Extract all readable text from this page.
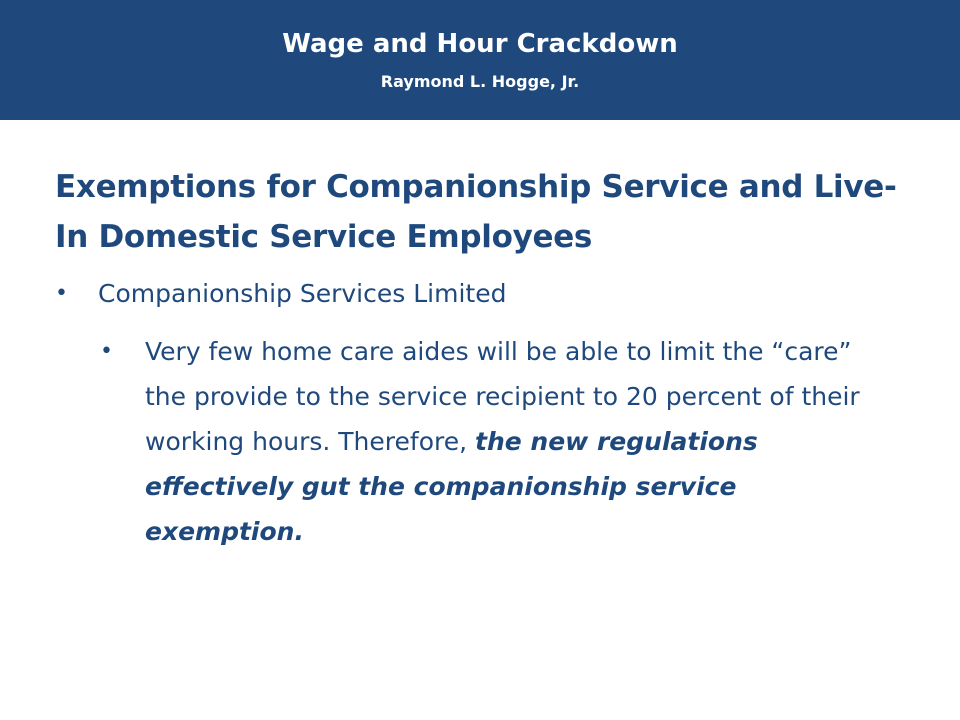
Wage and Hour Crackdown
Raymond L. Hogge, Jr.
Exemptions for Companionship Service and Live-In Domestic Service Employees
• Companionship Services Limited
• Very few home care aides will be able to limit the “care” the provide to the service recipient to 20 percent of their working hours. Therefore, the new regulations effectively gut the companionship service exemption.
